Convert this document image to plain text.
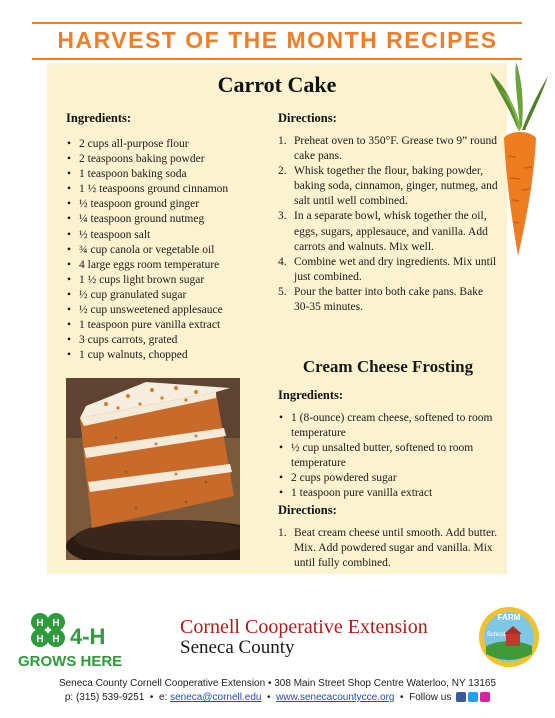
HARVEST OF THE MONTH RECIPES
Carrot Cake
Ingredients:
• 2 cups all-purpose flour
• 2 teaspoons baking powder
• 1 teaspoon baking soda
• 1 ½ teaspoons ground cinnamon
• ½ teaspoon ground ginger
• ¼ teaspoon ground nutmeg
• ½ teaspoon salt
• ¾ cup canola or vegetable oil
• 4 large eggs room temperature
• 1 ½ cups light brown sugar
• ½ cup granulated sugar
• ½ cup unsweetened applesauce
• 1 teaspoon pure vanilla extract
• 3 cups carrots, grated
• 1 cup walnuts, chopped
Directions:
1. Preheat oven to 350°F. Grease two 9” round cake pans.
2. Whisk together the flour, baking powder, baking soda, cinnamon, ginger, nutmeg, and salt until well combined.
3. In a separate bowl, whisk together the oil, eggs, sugars, applesauce, and vanilla. Add carrots and walnuts. Mix well.
4. Combine wet and dry ingredients. Mix until just combined.
5. Pour the batter into both cake pans. Bake 30-35 minutes.
Cream Cheese Frosting
Ingredients:
• 1 (8-ounce) cream cheese, softened to room temperature
• ½ cup unsalted butter, softened to room temperature
• 2 cups powdered sugar
• 1 teaspoon pure vanilla extract
Directions:
1. Beat cream cheese until smooth. Add butter. Mix. Add powdered sugar and vanilla. Mix until fully combined.
H H
H H 4-H
GROWS HERE
Cornell Cooperative Extension
Seneca County
FARM
School
Seneca County Cornell Cooperative Extension • 308 Main Street Shop Centre Waterloo, NY 13165
p: (315) 539-9251  •  e: seneca@cornell.edu  •  www.senecacountycce.org  •  Follow us
